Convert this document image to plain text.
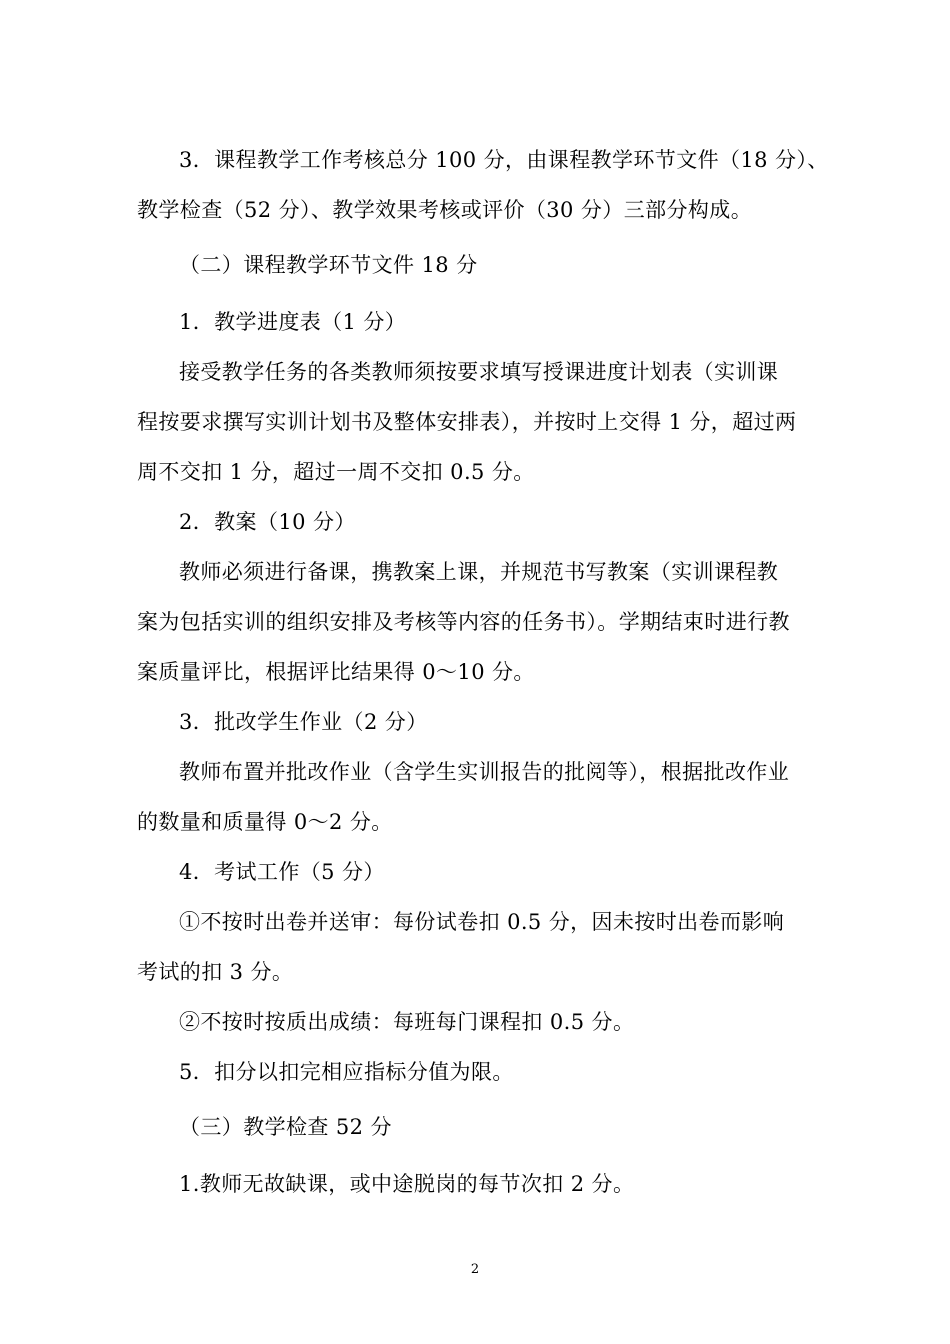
3．课程教学工作考核总分 100 分，由课程教学环节文件（18 分）、
教学检查（52 分）、教学效果考核或评价（30 分）三部分构成。
（二）课程教学环节文件 18 分
1．教学进度表（1 分）
接受教学任务的各类教师须按要求填写授课进度计划表（实训课
程按要求撰写实训计划书及整体安排表），并按时上交得 1 分，超过两
周不交扣 1 分，超过一周不交扣 0.5 分。
2．教案（10 分）
教师必须进行备课，携教案上课，并规范书写教案（实训课程教
案为包括实训的组织安排及考核等内容的任务书）。学期结束时进行教
案质量评比，根据评比结果得 0～10 分。
3．批改学生作业（2 分）
教师布置并批改作业（含学生实训报告的批阅等），根据批改作业
的数量和质量得 0～2 分。
4．考试工作（5 分）
①不按时出卷并送审：每份试卷扣 0.5 分，因未按时出卷而影响
考试的扣 3 分。
②不按时按质出成绩：每班每门课程扣 0.5 分。
5．扣分以扣完相应指标分值为限。
（三）教学检查 52 分
1.教师无故缺课，或中途脱岗的每节次扣 2 分。
2
